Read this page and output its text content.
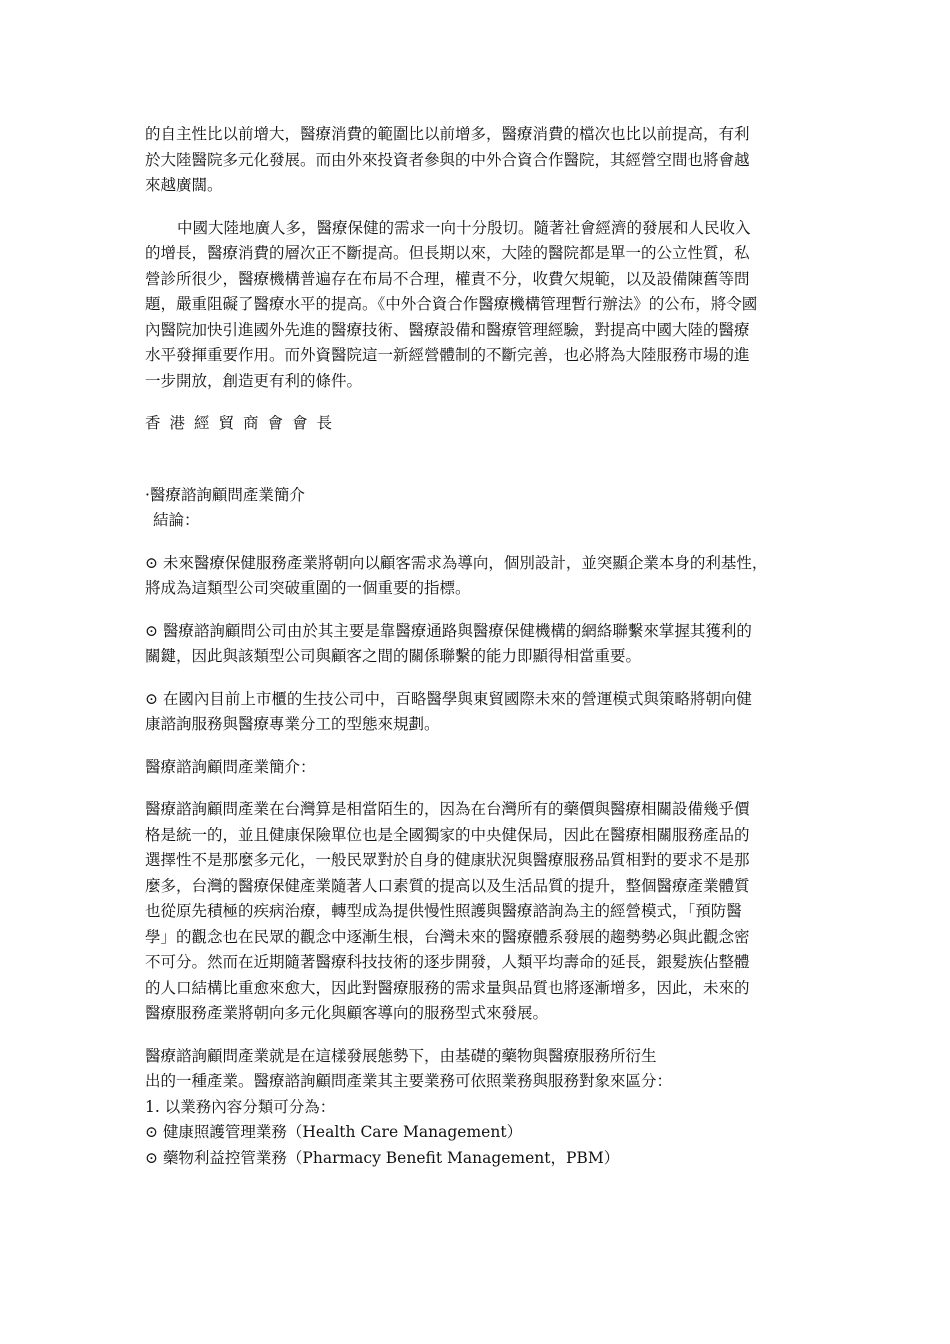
的自主性比以前增大，醫療消費的範圍比以前增多，醫療消費的檔次也比以前提高，有利
於大陸醫院多元化發展。而由外來投資者參與的中外合資合作醫院，其經營空間也將會越
來越廣闊。

中國大陸地廣人多，醫療保健的需求一向十分殷切。隨著社會經濟的發展和人民收入
的增長，醫療消費的層次正不斷提高。但長期以來，大陸的醫院都是單一的公立性質，私
營診所很少，醫療機構普遍存在布局不合理，權責不分，收費欠規範，以及設備陳舊等問
題，嚴重阻礙了醫療水平的提高。《中外合資合作醫療機構管理暫行辦法》的公布，將令國
內醫院加快引進國外先進的醫療技術、醫療設備和醫療管理經驗，對提高中國大陸的醫療
水平發揮重要作用。而外資醫院這一新經營體制的不斷完善，也必將為大陸服務市場的進
一步開放，創造更有利的條件。

香港經貿商會會長

·醫療諮詢顧問產業簡介
結論：

⊙ 未來醫療保健服務產業將朝向以顧客需求為導向，個別設計，並突顯企業本身的利基性，
將成為這類型公司突破重圍的一個重要的指標。

⊙ 醫療諮詢顧問公司由於其主要是靠醫療通路與醫療保健機構的網絡聯繫來掌握其獲利的
關鍵，因此與該類型公司與顧客之間的關係聯繫的能力即顯得相當重要。

⊙ 在國內目前上市櫃的生技公司中，百略醫學與東貿國際未來的營運模式與策略將朝向健
康諮詢服務與醫療專業分工的型態來規劃。

醫療諮詢顧問產業簡介：

醫療諮詢顧問產業在台灣算是相當陌生的，因為在台灣所有的藥價與醫療相關設備幾乎價
格是統一的，並且健康保險單位也是全國獨家的中央健保局，因此在醫療相關服務產品的
選擇性不是那麼多元化，一般民眾對於自身的健康狀況與醫療服務品質相對的要求不是那
麼多，台灣的醫療保健產業隨著人口素質的提高以及生活品質的提升，整個醫療產業體質
也從原先積極的疾病治療，轉型成為提供慢性照護與醫療諮詢為主的經營模式，「預防醫
學」的觀念也在民眾的觀念中逐漸生根，台灣未來的醫療體系發展的趨勢勢必與此觀念密
不可分。然而在近期隨著醫療科技技術的逐步開發，人類平均壽命的延長，銀髮族佔整體
的人口結構比重愈來愈大，因此對醫療服務的需求量與品質也將逐漸增多，因此，未來的
醫療服務產業將朝向多元化與顧客導向的服務型式來發展。

醫療諮詢顧問產業就是在這樣發展態勢下，由基礎的藥物與醫療服務所衍生
出的一種產業。醫療諮詢顧問產業其主要業務可依照業務與服務對象來區分：
1. 以業務內容分類可分為：
⊙ 健康照護管理業務（Health Care Management）
⊙ 藥物利益控管業務（Pharmacy Benefit Management，PBM）
